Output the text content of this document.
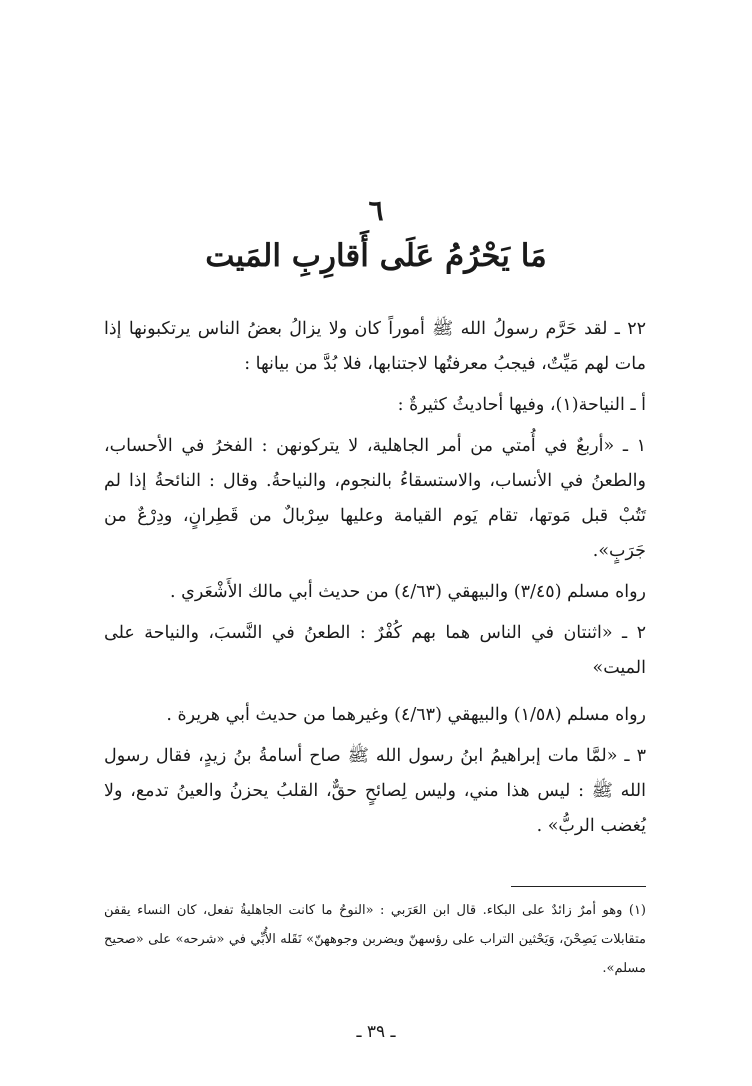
٦
مَا يَحْرُمُ عَلَى أَقارِبِ المَيت

٢٢ ـ لقد حَرَّم رسولُ الله ﷺ أموراً كان ولا يزالُ بعضُ الناس يرتكبونها إذا مات لهم مَيِّتٌ، فيجبُ معرفتُها لاجتنابها، فلا بُدَّ من بيانها :

أ ـ النياحة(١)، وفيها أحاديثُ كثيرةٌ :

١ ـ «أربعٌ في أُمتي من أمر الجاهلية، لا يتركونهن : الفخرُ في الأحساب، والطعنُ في الأنساب، والاستسقاءُ بالنجوم، والنياحةُ. وقال : النائحةُ إذا لم تَتُبْ قبل مَوتها، تقام يَوم القيامة وعليها سِرْبالٌ من قَطِرانٍ، ودِرْعٌ من جَرَبٍ».

رواه مسلم (٣/٤٥) والبيهقي (٤/٦٣) من حديث أبي مالك الأَشْعَري .

٢ ـ «اثنتان في الناس هما بهم كُفْرٌ : الطعنُ في النَّسبَ، والنياحة على الميت»

رواه مسلم (١/٥٨) والبيهقي (٤/٦٣) وغيرهما من حديث أبي هريرة .

٣ ـ «لمَّا مات إبراهيمُ ابنُ رسول الله ﷺ صاح أسامةُ بنُ زيدٍ، فقال رسول الله ﷺ : ليس هذا مني، وليس لِصائحٍ حقٌّ، القلبُ يحزنُ والعينُ تدمع، ولا يُغضب الربُّ» .

(١) وهو أمرٌ زائدٌ على البكاء. قال ابن العَرَبي : «النوحُ ما كانت الجاهليةُ تفعل، كان النساء يقفن متقابلات يَصِحْنَ، وَيَحْثين التراب على رؤسهنّ ويضربن وجوههنّ» نَقَله الأُبِّي في «شرحه» على «صحيح مسلم».
ـ ٣٩ ـ
